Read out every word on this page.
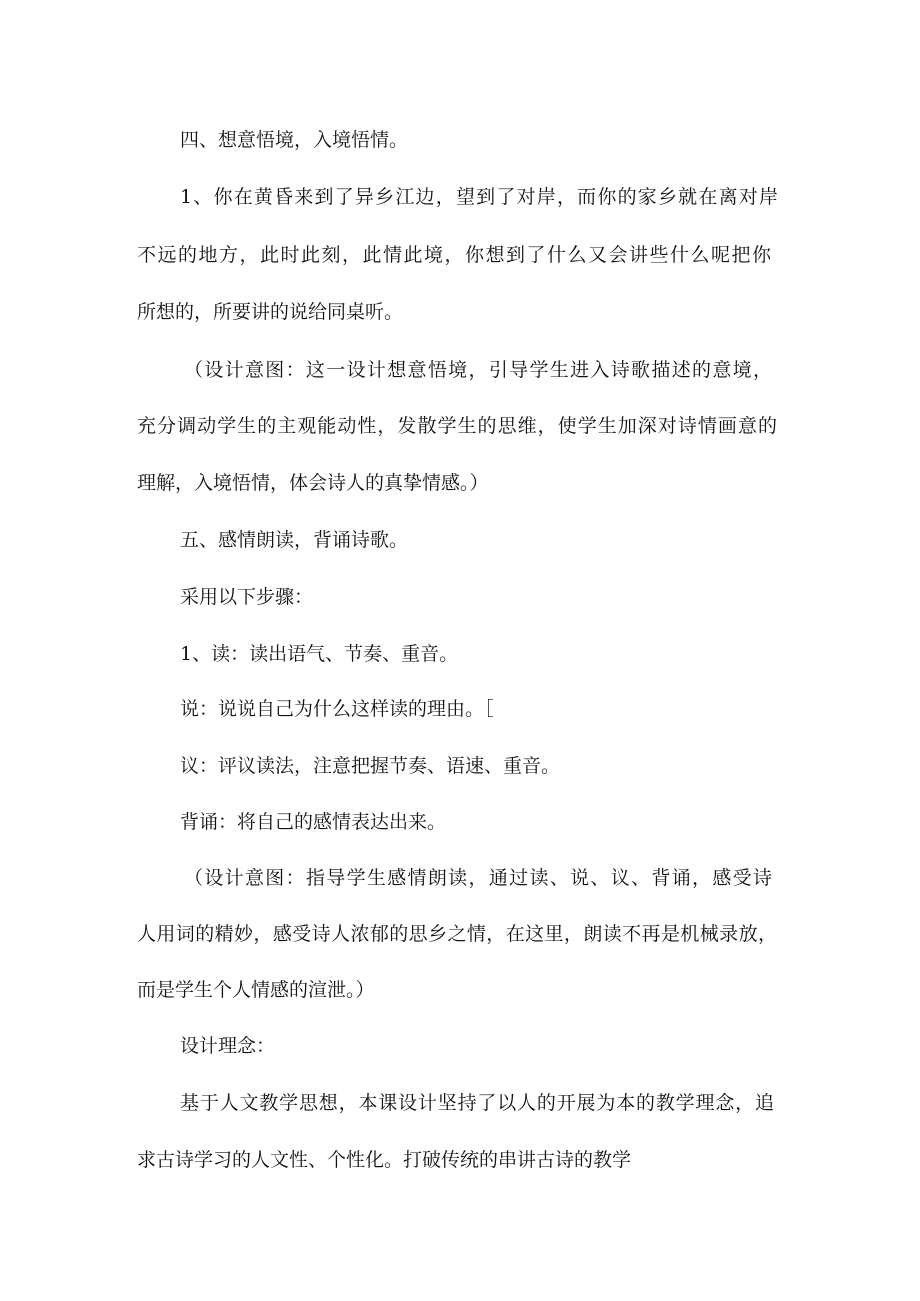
四、想意悟境，入境悟情。
1、你在黄昏来到了异乡江边，望到了对岸，而你的家乡就在离对岸
不远的地方，此时此刻，此情此境，你想到了什么又会讲些什么呢把你
所想的，所要讲的说给同桌听。
（设计意图：这一设计想意悟境，引导学生进入诗歌描述的意境，
充分调动学生的主观能动性，发散学生的思维，使学生加深对诗情画意的
理解，入境悟情，体会诗人的真挚情感。）
五、感情朗读，背诵诗歌。
采用以下步骤：
1、读：读出语气、节奏、重音。
说：说说自己为什么这样读的理由。［
议：评议读法，注意把握节奏、语速、重音。
背诵：将自己的感情表达出来。
（设计意图：指导学生感情朗读，通过读、说、议、背诵，感受诗
人用词的精妙，感受诗人浓郁的思乡之情，在这里，朗读不再是机械录放，
而是学生个人情感的渲泄。）
设计理念：
基于人文教学思想，本课设计坚持了以人的开展为本的教学理念，追
求古诗学习的人文性、个性化。打破传统的串讲古诗的教学
